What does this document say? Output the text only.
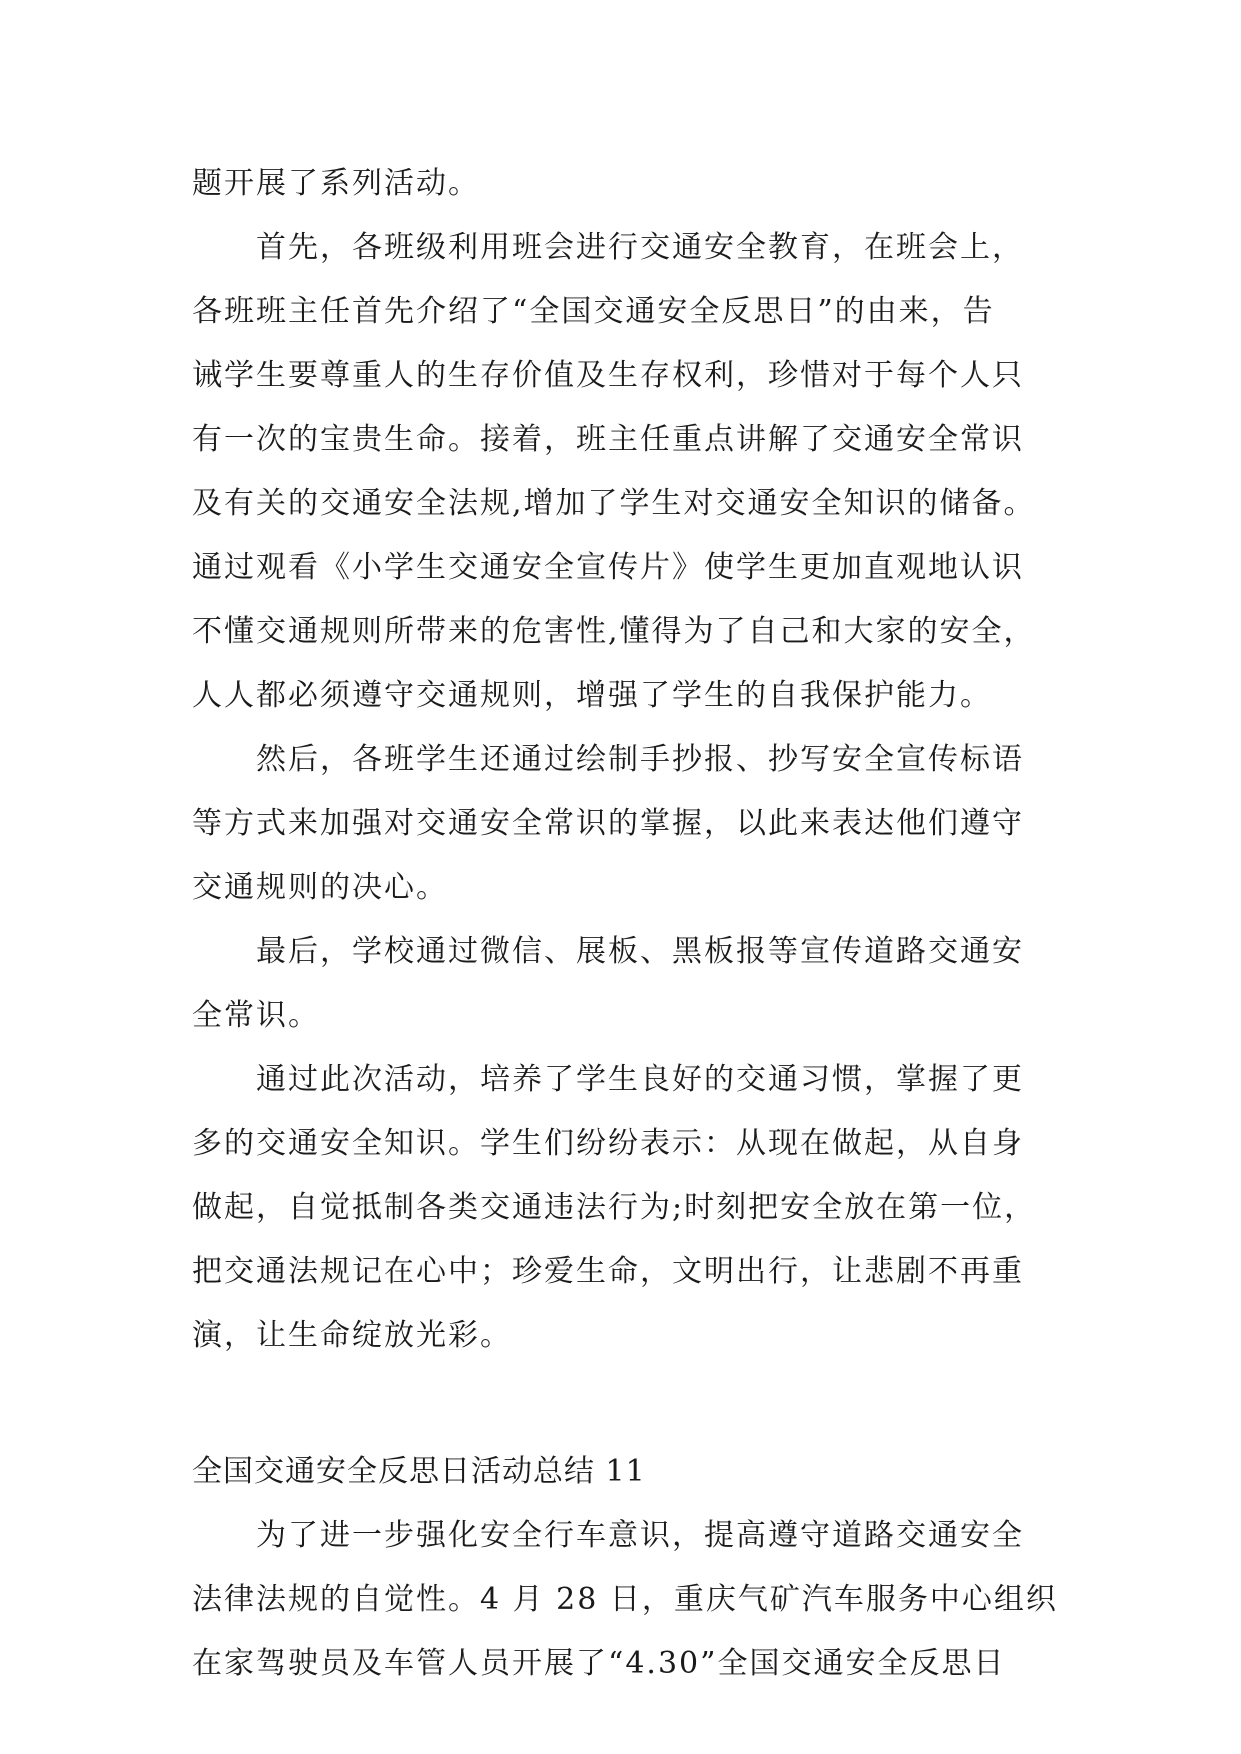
题开展了系列活动。
首先，各班级利用班会进行交通安全教育，在班会上，
各班班主任首先介绍了“全国交通安全反思日”的由来，告
诫学生要尊重人的生存价值及生存权利，珍惜对于每个人只
有一次的宝贵生命。接着，班主任重点讲解了交通安全常识
及有关的交通安全法规,增加了学生对交通安全知识的储备。
通过观看《小学生交通安全宣传片》使学生更加直观地认识
不懂交通规则所带来的危害性,懂得为了自己和大家的安全，
人人都必须遵守交通规则，增强了学生的自我保护能力。
然后，各班学生还通过绘制手抄报、抄写安全宣传标语
等方式来加强对交通安全常识的掌握，以此来表达他们遵守
交通规则的决心。
最后，学校通过微信、展板、黑板报等宣传道路交通安
全常识。
通过此次活动，培养了学生良好的交通习惯，掌握了更
多的交通安全知识。学生们纷纷表示：从现在做起，从自身
做起，自觉抵制各类交通违法行为;时刻把安全放在第一位，
把交通法规记在心中；珍爱生命，文明出行，让悲剧不再重
演，让生命绽放光彩。
全国交通安全反思日活动总结 11
为了进一步强化安全行车意识，提高遵守道路交通安全
法律法规的自觉性。4 月 28 日，重庆气矿汽车服务中心组织
在家驾驶员及车管人员开展了“4.30”全国交通安全反思日
